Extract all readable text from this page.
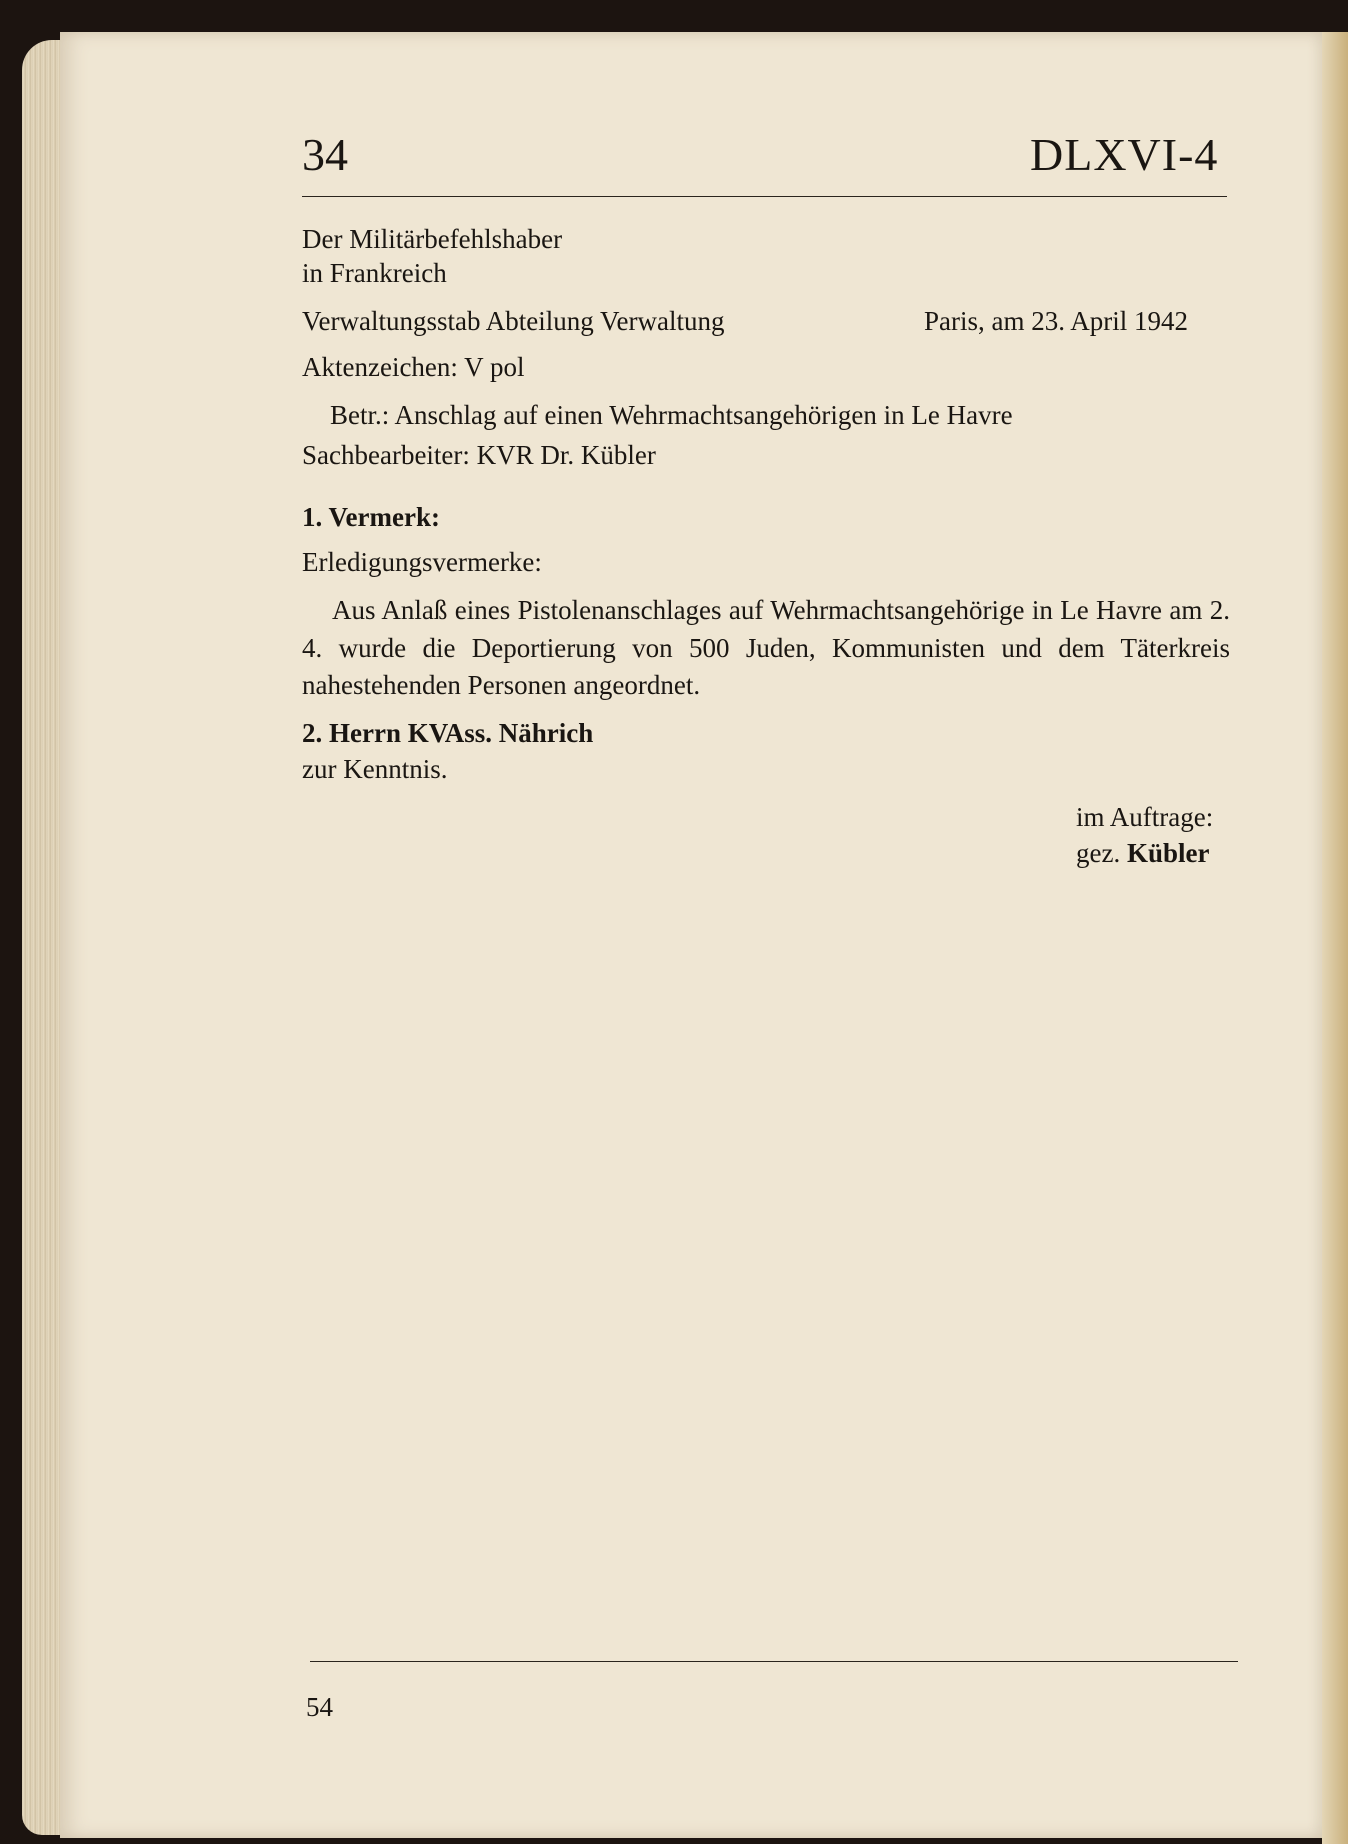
34	DLXVI-4
Der Militärbefehlshaber
in Frankreich
Verwaltungsstab Abteilung Verwaltung	Paris, am 23. April 1942
Aktenzeichen: V pol
Betr.: Anschlag auf einen Wehrmachtsangehörigen in Le Havre
Sachbearbeiter: KVR Dr. Kübler
1. Vermerk:
Erledigungsvermerke:
Aus Anlaß eines Pistolenanschlages auf Wehrmachtsangehörige in Le Havre am 2. 4. wurde die Deportierung von 500 Juden, Kommunisten und dem Täterkreis nahestehenden Personen angeordnet.
2. Herrn KVAss. Nährich
zur Kenntnis.
im Auftrage:
gez. Kübler
54
